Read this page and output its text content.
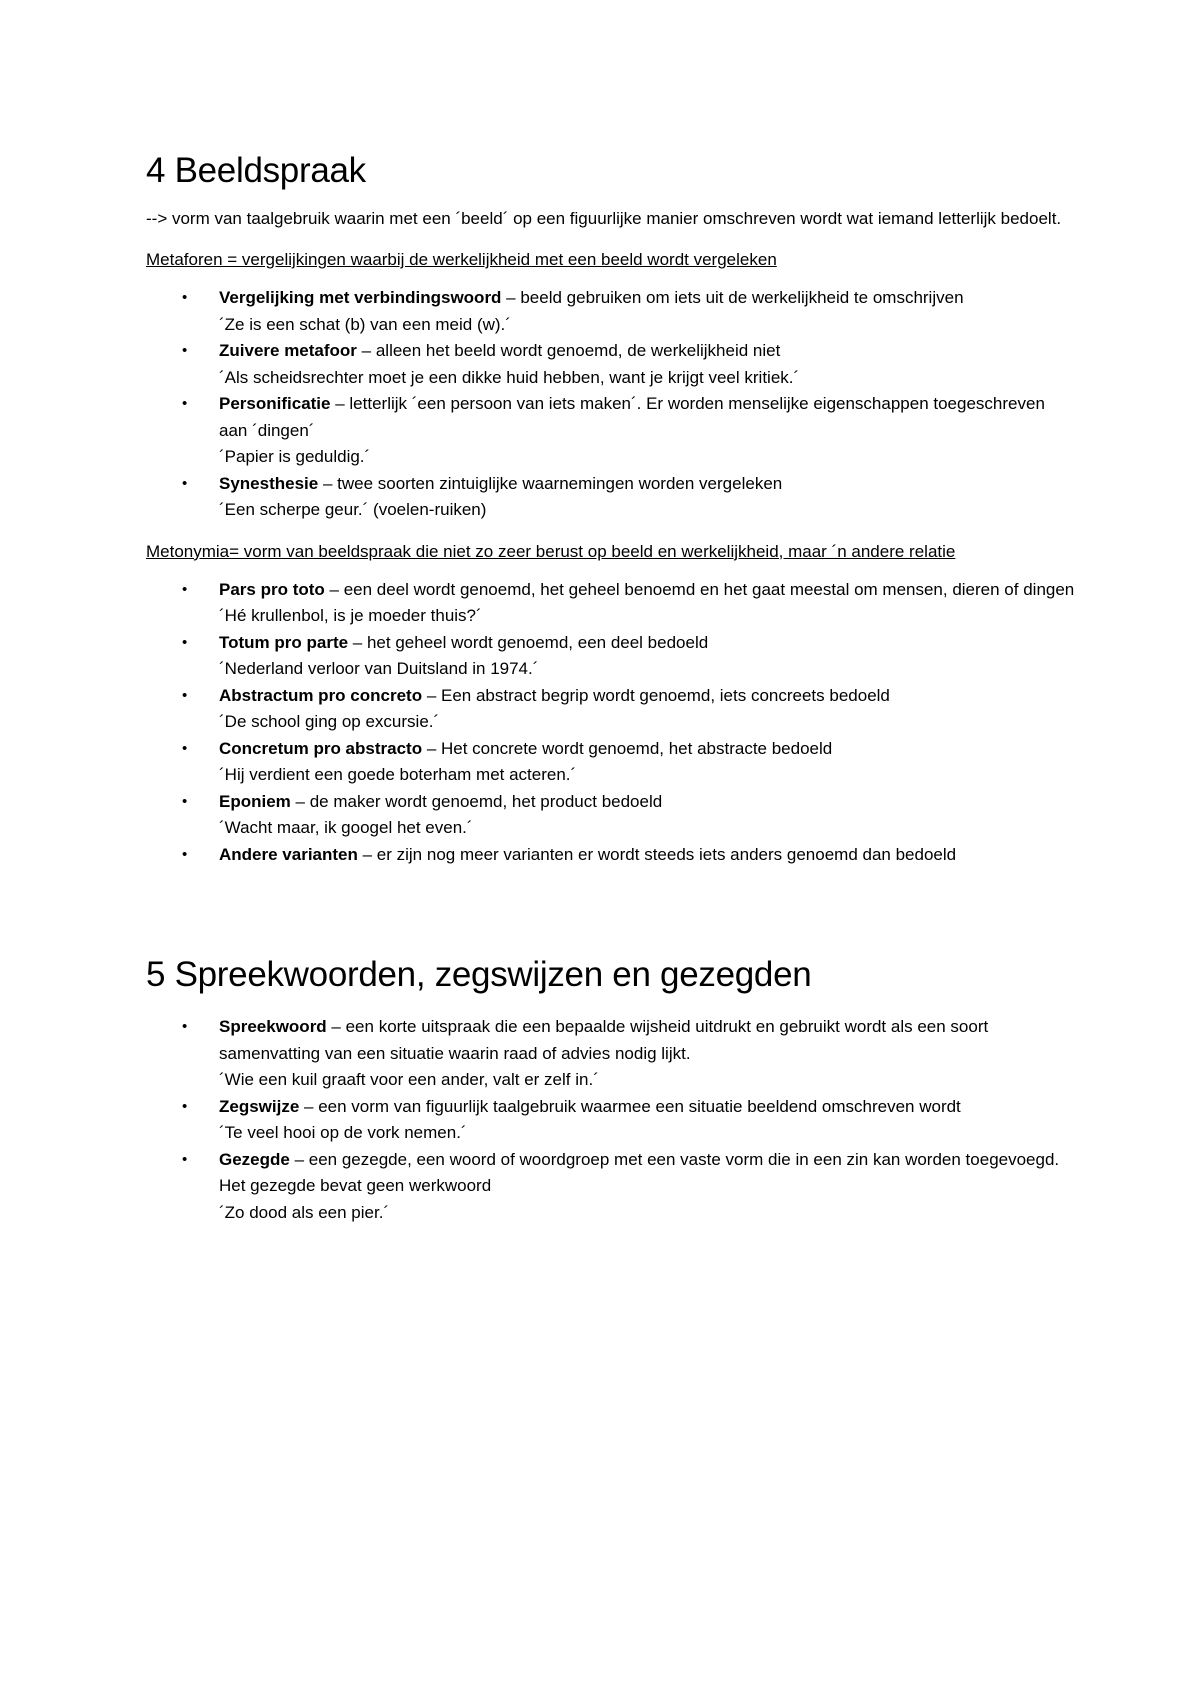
4 Beeldspraak

--> vorm van taalgebruik waarin met een ´beeld´ op een figuurlijke manier omschreven wordt wat iemand letterlijk bedoelt.

Metaforen = vergelijkingen waarbij de werkelijkheid met een beeld wordt vergeleken

• Vergelijking met verbindingswoord – beeld gebruiken om iets uit de werkelijkheid te omschrijven
´Ze is een schat (b) van een meid (w).´
• Zuivere metafoor – alleen het beeld wordt genoemd, de werkelijkheid niet
´Als scheidsrechter moet je een dikke huid hebben, want je krijgt veel kritiek.´
• Personificatie – letterlijk ´een persoon van iets maken´. Er worden menselijke eigenschappen toegeschreven aan ´dingen´
´Papier is geduldig.´
• Synesthesie – twee soorten zintuiglijke waarnemingen worden vergeleken
´Een scherpe geur.´ (voelen-ruiken)

Metonymia= vorm van beeldspraak die niet zo zeer berust op beeld en werkelijkheid, maar ´n andere relatie

• Pars pro toto – een deel wordt genoemd, het geheel benoemd en het gaat meestal om mensen, dieren of dingen
´Hé krullenbol, is je moeder thuis?´
• Totum pro parte – het geheel wordt genoemd, een deel bedoeld
´Nederland verloor van Duitsland in 1974.´
• Abstractum pro concreto – Een abstract begrip wordt genoemd, iets concreets bedoeld
´De school ging op excursie.´
• Concretum pro abstracto – Het concrete wordt genoemd, het abstracte bedoeld
´Hij verdient een goede boterham met acteren.´
• Eponiem – de maker wordt genoemd, het product bedoeld
´Wacht maar, ik googel het even.´
• Andere varianten – er zijn nog meer varianten er wordt steeds iets anders genoemd dan bedoeld
5 Spreekwoorden, zegswijzen en gezegden
• Spreekwoord – een korte uitspraak die een bepaalde wijsheid uitdrukt en gebruikt wordt als een soort samenvatting van een situatie waarin raad of advies nodig lijkt.
´Wie een kuil graaft voor een ander, valt er zelf in.´
• Zegswijze – een vorm van figuurlijk taalgebruik waarmee een situatie beeldend omschreven wordt
´Te veel hooi op de vork nemen.´
• Gezegde – een gezegde, een woord of woordgroep met een vaste vorm die in een zin kan worden toegevoegd. Het gezegde bevat geen werkwoord
´Zo dood als een pier.´
